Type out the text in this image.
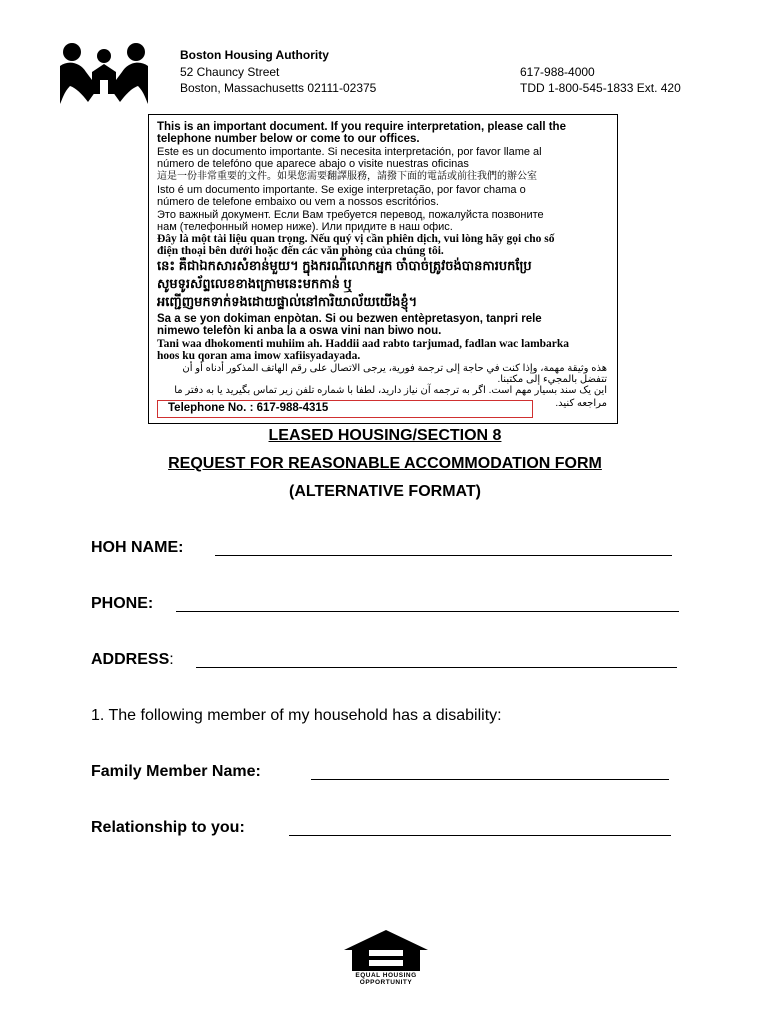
Boston Housing Authority
52 Chauncy Street
Boston, Massachusetts 02111-02375
617-988-4000
TDD 1-800-545-1833 Ext. 420
This is an important document. If you require interpretation, please call the
telephone number below or come to our offices.
Este es un documento importante. Si necesita interpretación, por favor llame al
número de telefóno que aparece abajo o visite nuestras oficinas
這是一份非常重要的文件。如果您需要翻譯服務，請撥下面的電話或前往我們的辦公室
Isto é um documento importante. Se exige interpretação, por favor chama o
número de telefone embaixo ou vem a nossos escritórios.
Это важный документ. Если Вам требуется перевод, пожалуйста позвоните
нам (телефонный номер ниже). Или придите в наш офис.
Đây là một tài liệu quan trọng. Nếu quý vị cần phiên dịch, vui lòng hãy gọi cho số
điện thoại bên dưới hoặc đến các văn phòng của chúng tôi.
នេះ គឺជាឯកសារសំខាន់មួយ។ ក្នុងករណីលោកអ្នក ចាំបាច់ត្រូវចង់បានការបកប្រែ
សូមទូរស័ព្ទលេខខាងក្រោមនេះមកកាន់ ឬ
អញ្ជើញមកទាក់ទងដោយផ្ទាល់នៅការិយាល័យយើងខ្ញុំ។
Sa a se yon dokiman enpòtan. Si ou bezwen entèpretasyon, tanpri rele
nimewo telefòn ki anba la a oswa vini nan biwo nou.
Tani waa dhokomenti muhiim ah. Haddii aad rabto tarjumad, fadlan wac lambarka
hoos ku qoran ama imow xafiisyadayada.
هذه وثيقة مهمة، وإذا كنت في حاجة إلى ترجمة فورية، يرجى الاتصال على رقم الهاتف المذكور أدناه أو أن
تتفضل بالمجيء إلى مكتبنا.
این یک سند بسیار مهم است. اگر به ترجمه آن نیاز دارید، لطفا با شماره تلفن زیر تماس بگیرید یا به دفتر ما
مراجعه کنید.
Telephone No. : 617-988-4315
LEASED HOUSING/SECTION 8
REQUEST FOR REASONABLE ACCOMMODATION FORM
(ALTERNATIVE FORMAT)
HOH NAME:
PHONE:
ADDRESS:
1. The following member of my household has a disability:
Family Member Name:
Relationship to you:
EQUAL HOUSING
OPPORTUNITY
